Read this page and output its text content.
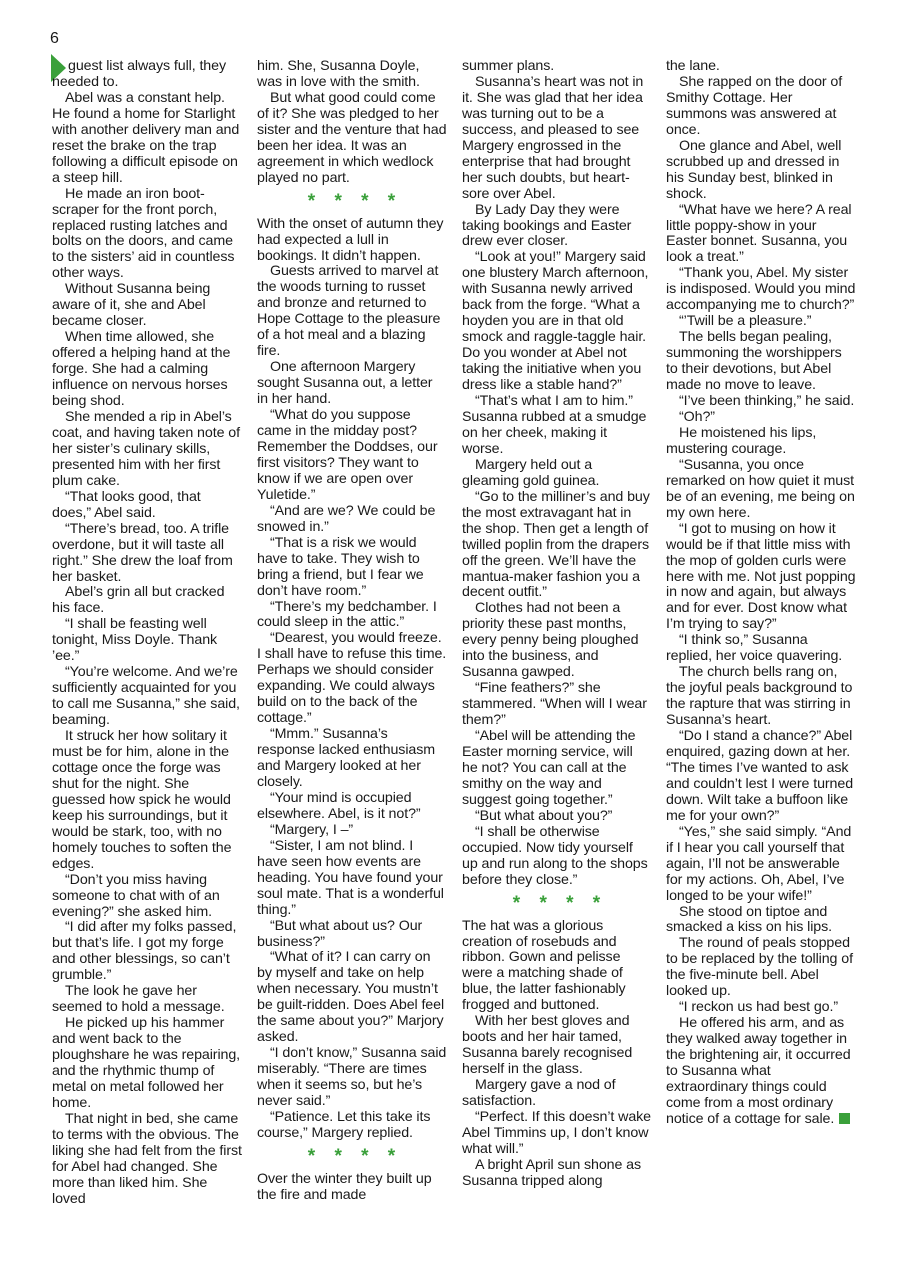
6

guest list always full, they needed to.

Abel was a constant help. He found a home for Starlight with another delivery man and reset the brake on the trap following a difficult episode on a steep hill.

He made an iron boot-scraper for the front porch, replaced rusting latches and bolts on the doors, and came to the sisters’ aid in countless other ways.

Without Susanna being aware of it, she and Abel became closer.

When time allowed, she offered a helping hand at the forge. She had a calming influence on nervous horses being shod.

She mended a rip in Abel’s coat, and having taken note of her sister’s culinary skills, presented him with her first plum cake.

“That looks good, that does,” Abel said.

“There’s bread, too. A trifle overdone, but it will taste all right.” She drew the loaf from her basket.

Abel’s grin all but cracked his face.

“I shall be feasting well tonight, Miss Doyle. Thank ’ee.”

“You’re welcome. And we’re sufficiently acquainted for you to call me Susanna,” she said, beaming.

It struck her how solitary it must be for him, alone in the cottage once the forge was shut for the night. She guessed how spick he would keep his surroundings, but it would be stark, too, with no homely touches to soften the edges.

“Don’t you miss having someone to chat with of an evening?” she asked him.

“I did after my folks passed, but that’s life. I got my forge and other blessings, so can’t grumble.”

The look he gave her seemed to hold a message.

He picked up his hammer and went back to the ploughshare he was repairing, and the rhythmic thump of metal on metal followed her home.

That night in bed, she came to terms with the obvious. The liking she had felt from the first for Abel had changed. She more than liked him. She loved

him. She, Susanna Doyle, was in love with the smith.

But what good could come of it? She was pledged to her sister and the venture that had been her idea. It was an agreement in which wedlock played no part.

* * * *

With the onset of autumn they had expected a lull in bookings. It didn’t happen.

Guests arrived to marvel at the woods turning to russet and bronze and returned to Hope Cottage to the pleasure of a hot meal and a blazing fire.

One afternoon Margery sought Susanna out, a letter in her hand.

“What do you suppose came in the midday post? Remember the Doddses, our first visitors? They want to know if we are open over Yuletide.”

“And are we? We could be snowed in.”

“That is a risk we would have to take. They wish to bring a friend, but I fear we don’t have room.”

“There’s my bedchamber. I could sleep in the attic.”

“Dearest, you would freeze. I shall have to refuse this time. Perhaps we should consider expanding. We could always build on to the back of the cottage.”

“Mmm.” Susanna’s response lacked enthusiasm and Margery looked at her closely.

“Your mind is occupied elsewhere. Abel, is it not?”

“Margery, I –”

“Sister, I am not blind. I have seen how events are heading. You have found your soul mate. That is a wonderful thing.”

“But what about us? Our business?”

“What of it? I can carry on by myself and take on help when necessary. You mustn’t be guilt-ridden. Does Abel feel the same about you?” Marjory asked.

“I don’t know,” Susanna said miserably. “There are times when it seems so, but he’s never said.”

“Patience. Let this take its course,” Margery replied.

* * * *

Over the winter they built up the fire and made

summer plans.

Susanna’s heart was not in it. She was glad that her idea was turning out to be a success, and pleased to see Margery engrossed in the enterprise that had brought her such doubts, but heart-sore over Abel.

By Lady Day they were taking bookings and Easter drew ever closer.

“Look at you!” Margery said one blustery March afternoon, with Susanna newly arrived back from the forge. “What a hoyden you are in that old smock and raggle-taggle hair. Do you wonder at Abel not taking the initiative when you dress like a stable hand?”

“That’s what I am to him.” Susanna rubbed at a smudge on her cheek, making it worse.

Margery held out a gleaming gold guinea.

“Go to the milliner’s and buy the most extravagant hat in the shop. Then get a length of twilled poplin from the drapers off the green. We’ll have the mantua-maker fashion you a decent outfit.”

Clothes had not been a priority these past months, every penny being ploughed into the business, and Susanna gawped.

“Fine feathers?” she stammered. “When will I wear them?”

“Abel will be attending the Easter morning service, will he not? You can call at the smithy on the way and suggest going together.”

“But what about you?”

“I shall be otherwise occupied. Now tidy yourself up and run along to the shops before they close.”

* * * *

The hat was a glorious creation of rosebuds and ribbon. Gown and pelisse were a matching shade of blue, the latter fashionably frogged and buttoned.

With her best gloves and boots and her hair tamed, Susanna barely recognised herself in the glass.

Margery gave a nod of satisfaction.

“Perfect. If this doesn’t wake Abel Timmins up, I don’t know what will.”

A bright April sun shone as Susanna tripped along

the lane.

She rapped on the door of Smithy Cottage. Her summons was answered at once.

One glance and Abel, well scrubbed up and dressed in his Sunday best, blinked in shock.

“What have we here? A real little poppy-show in your Easter bonnet. Susanna, you look a treat.”

“Thank you, Abel. My sister is indisposed. Would you mind accompanying me to church?”

“’Twill be a pleasure.”

The bells began pealing, summoning the worshippers to their devotions, but Abel made no move to leave.

“I’ve been thinking,” he said.

“Oh?”

He moistened his lips, mustering courage.

“Susanna, you once remarked on how quiet it must be of an evening, me being on my own here.

“I got to musing on how it would be if that little miss with the mop of golden curls were here with me. Not just popping in now and again, but always and for ever. Dost know what I’m trying to say?”

“I think so,” Susanna replied, her voice quavering.

The church bells rang on, the joyful peals background to the rapture that was stirring in Susanna’s heart.

“Do I stand a chance?” Abel enquired, gazing down at her. “The times I’ve wanted to ask and couldn’t lest I were turned down. Wilt take a buffoon like me for your own?”

“Yes,” she said simply. “And if I hear you call yourself that again, I’ll not be answerable for my actions. Oh, Abel, I’ve longed to be your wife!”

She stood on tiptoe and smacked a kiss on his lips.

The round of peals stopped to be replaced by the tolling of the five-minute bell. Abel looked up.

“I reckon us had best go.”

He offered his arm, and as they walked away together in the brightening air, it occurred to Susanna what extraordinary things could come from a most ordinary notice of a cottage for sale.
